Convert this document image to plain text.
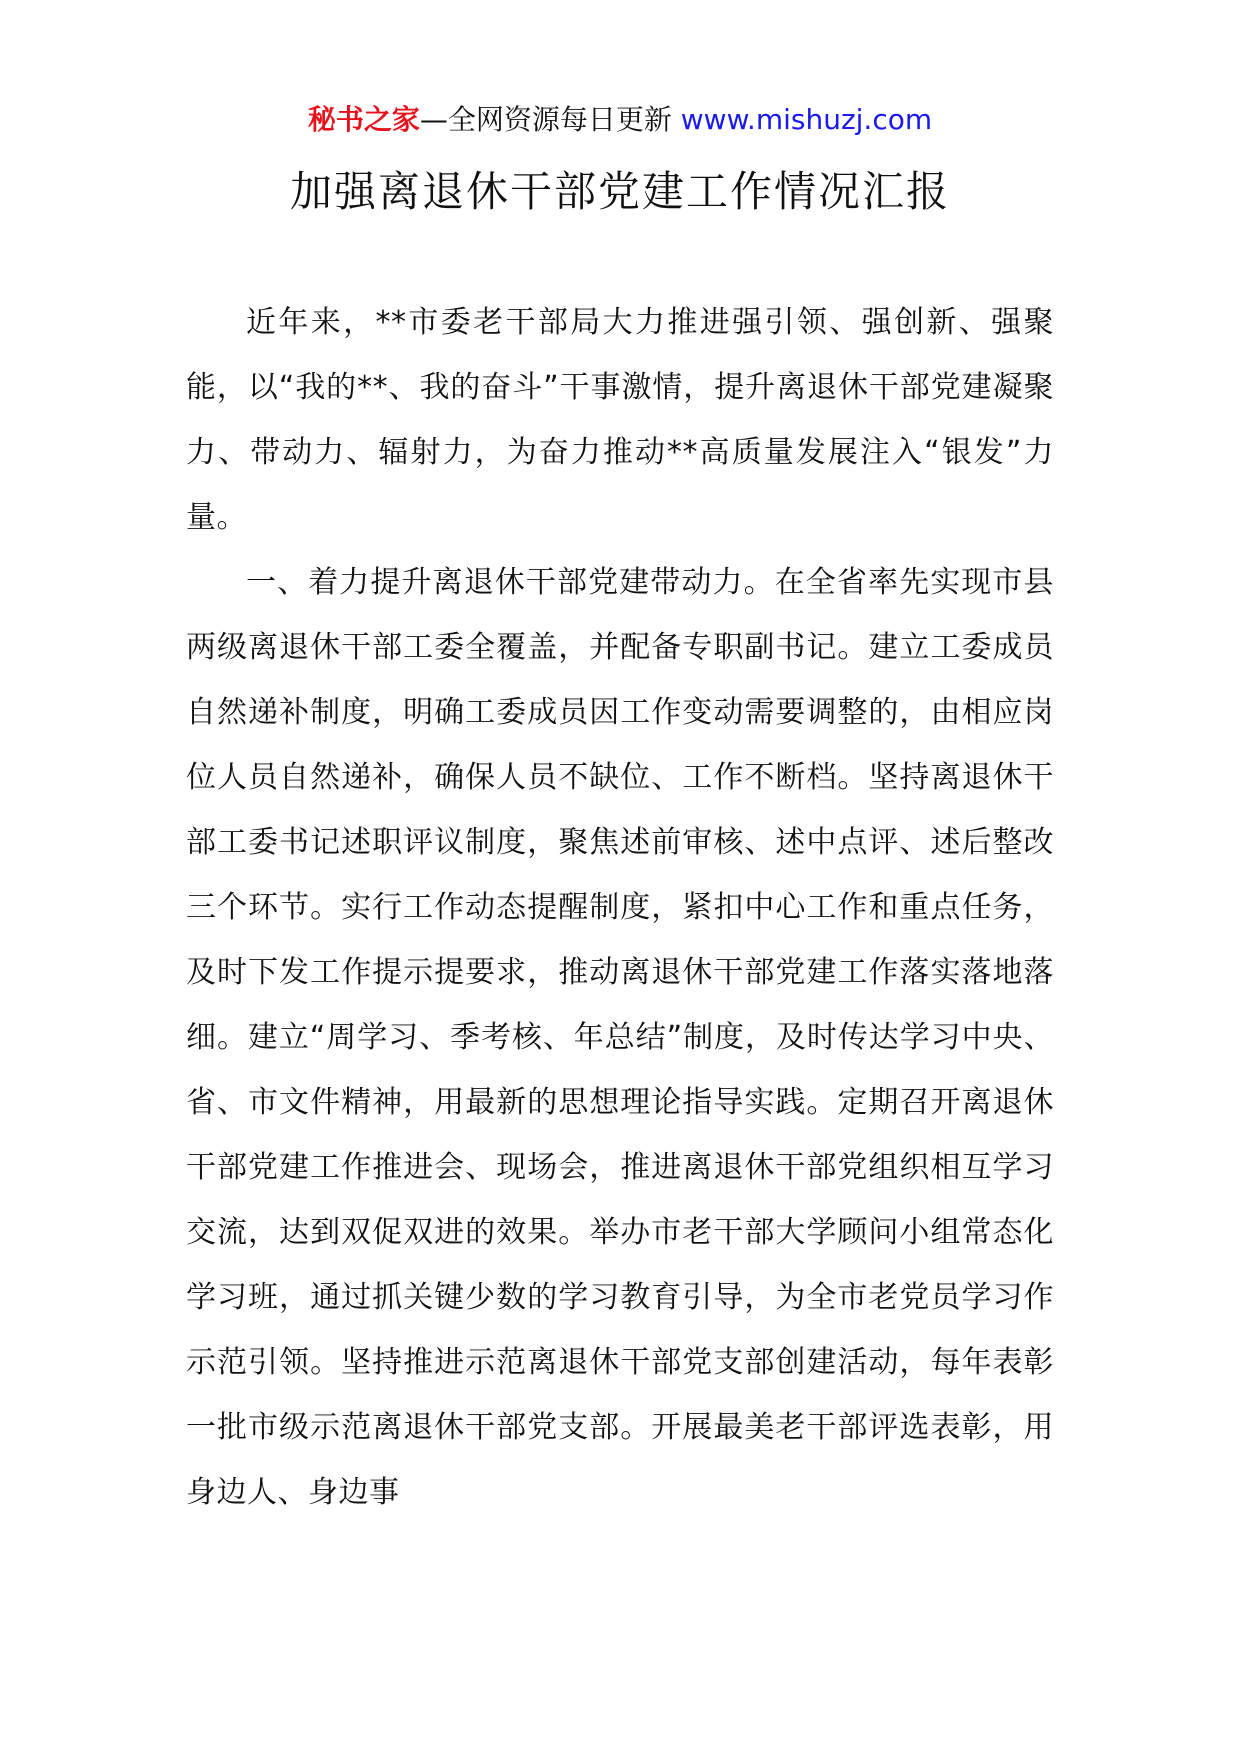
秘书之家—全网资源每日更新 www.mishuzj.com
加强离退休干部党建工作情况汇报

近年来，**市委老干部局大力推进强引领、强创新、强聚能，以“我的**、我的奋斗”干事激情，提升离退休干部党建凝聚力、带动力、辐射力，为奋力推动**高质量发展注入“银发”力量。

一、着力提升离退休干部党建带动力。在全省率先实现市县两级离退休干部工委全覆盖，并配备专职副书记。建立工委成员自然递补制度，明确工委成员因工作变动需要调整的，由相应岗位人员自然递补，确保人员不缺位、工作不断档。坚持离退休干部工委书记述职评议制度，聚焦述前审核、述中点评、述后整改三个环节。实行工作动态提醒制度，紧扣中心工作和重点任务，及时下发工作提示提要求，推动离退休干部党建工作落实落地落细。建立“周学习、季考核、年总结”制度，及时传达学习中央、省、市文件精神，用最新的思想理论指导实践。定期召开离退休干部党建工作推进会、现场会，推进离退休干部党组织相互学习交流，达到双促双进的效果。举办市老干部大学顾问小组常态化学习班，通过抓关键少数的学习教育引导，为全市老党员学习作示范引领。坚持推进示范离退休干部党支部创建活动，每年表彰一批市级示范离退休干部党支部。开展最美老干部评选表彰，用身边人、身边事
